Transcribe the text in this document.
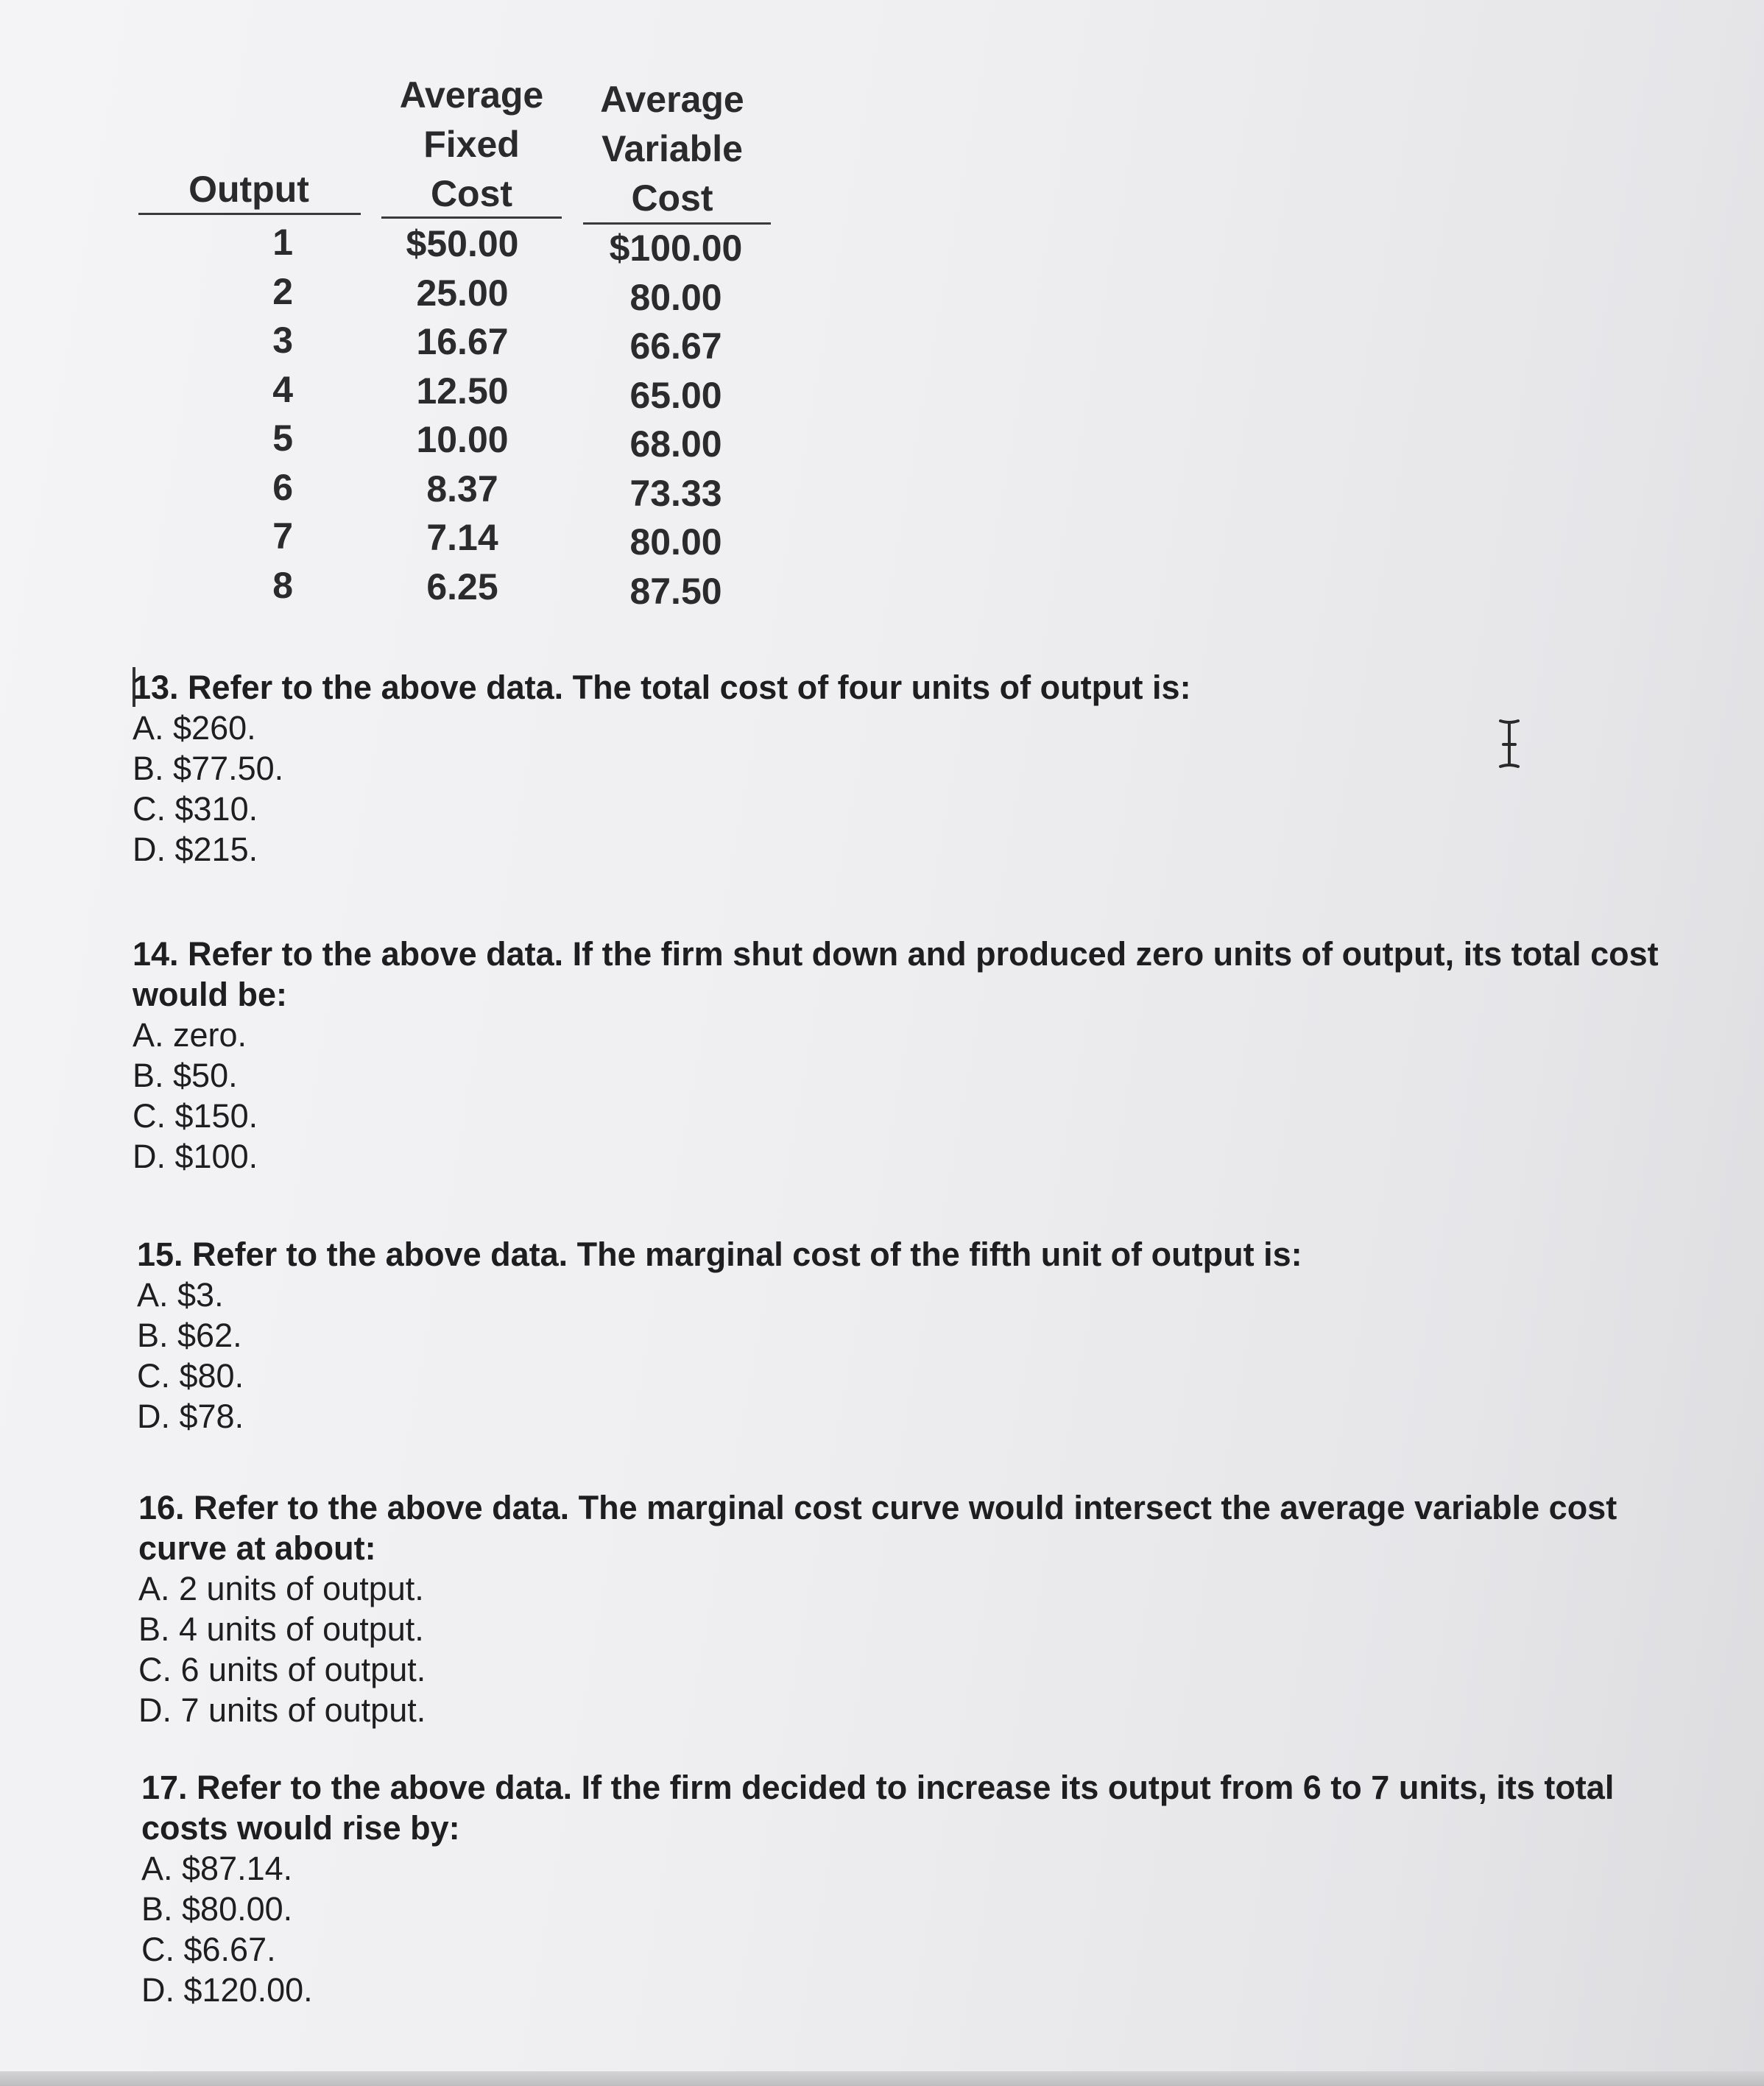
Output
Average
Fixed
Cost
Average
Variable
Cost
1
2
3
4
5
6
7
8
$50.00
25.00
16.67
12.50
10.00
8.37
7.14
6.25
$100.00
80.00
66.67
65.00
68.00
73.33
80.00
87.50
13. Refer to the above data. The total cost of four units of output is:
A. $260.
B. $77.50.
C. $310.
D. $215.
14. Refer to the above data. If the firm shut down and produced zero units of output, its total cost would be:
A. zero.
B. $50.
C. $150.
D. $100.
15. Refer to the above data. The marginal cost of the fifth unit of output is:
A. $3.
B. $62.
C. $80.
D. $78.
16. Refer to the above data. The marginal cost curve would intersect the average variable cost curve at about:
A. 2 units of output.
B. 4 units of output.
C. 6 units of output.
D. 7 units of output.
17. Refer to the above data. If the firm decided to increase its output from 6 to 7 units, its total costs would rise by:
A. $87.14.
B. $80.00.
C. $6.67.
D. $120.00.
